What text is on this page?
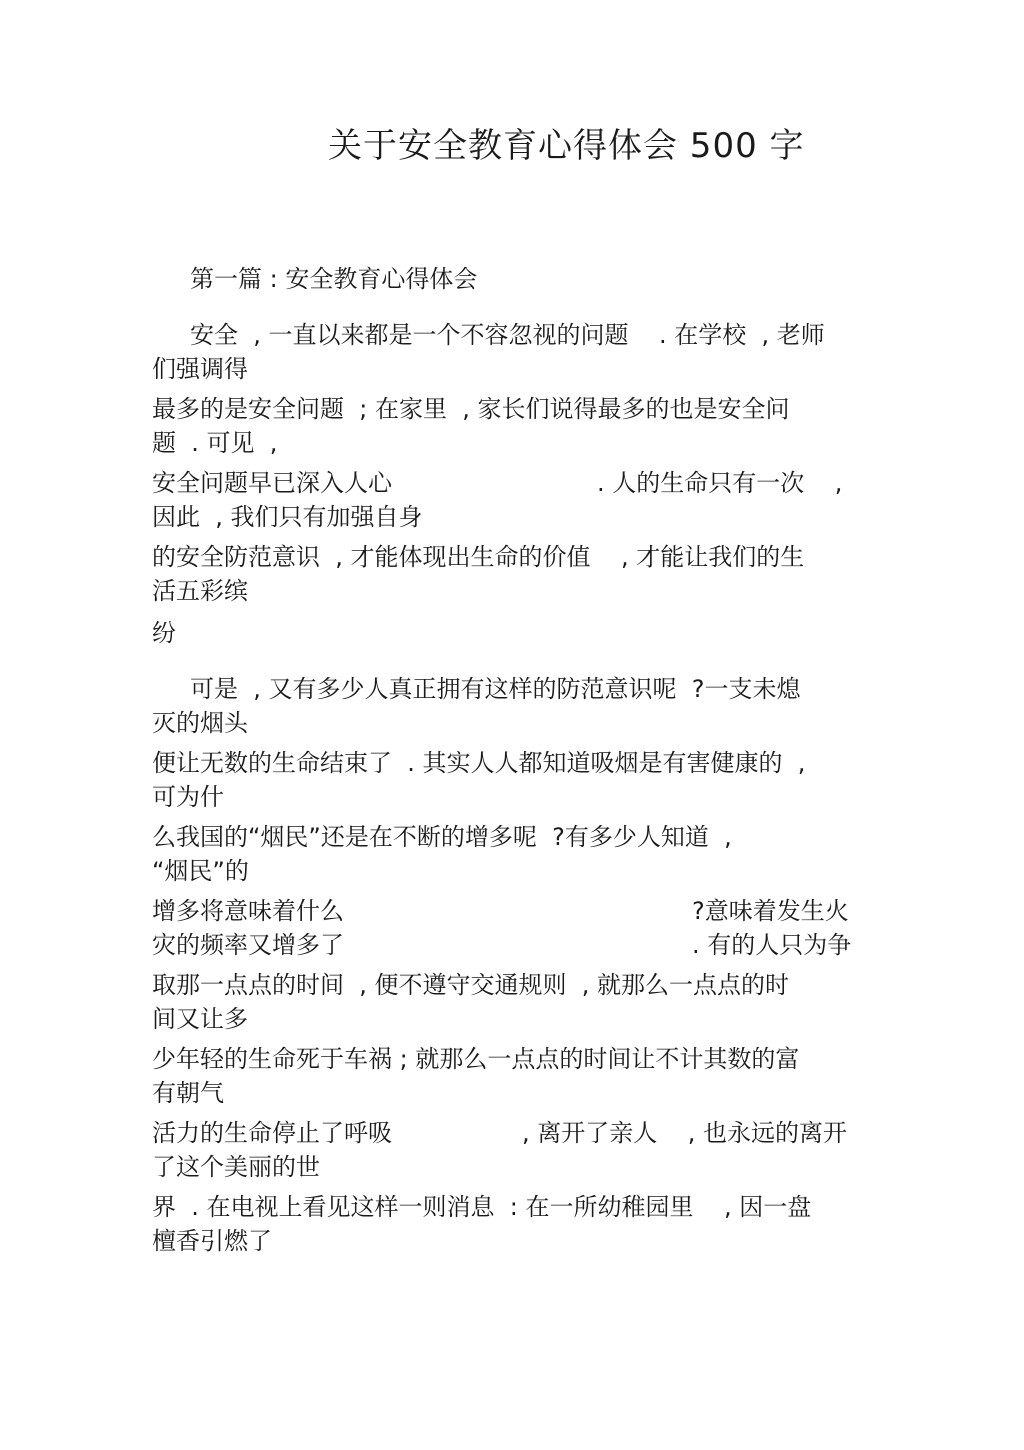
关于安全教育心得体会 500 字
第一篇 : 安全教育心得体会
安全  , 一直以来都是一个不容忽视的问题    . 在学校  , 老师
们强调得
最多的是安全问题  ; 在家里  , 家长们说得最多的也是安全问
题  . 可见  ,
安全问题早已深入人心	. 人的生命只有一次    ,
因此  , 我们只有加强自身
的安全防范意识  , 才能体现出生命的价值    , 才能让我们的生
活五彩缤
纷
可是  , 又有多少人真正拥有这样的防范意识呢  ?一支未熄
灭的烟头
便让无数的生命结束了  . 其实人人都知道吸烟是有害健康的  ,
可为什
么我国的“烟民”还是在不断的增多呢  ?有多少人知道  ,
“烟民”的
增多将意味着什么	?意味着发生火
灾的频率又增多了	. 有的人只为争
取那一点点的时间  , 便不遵守交通规则  , 就那么一点点的时
间又让多
少年轻的生命死于车祸 ; 就那么一点点的时间让不计其数的富
有朝气
活力的生命停止了呼吸	, 离开了亲人    , 也永远的离开
了这个美丽的世
界  . 在电视上看见这样一则消息  : 在一所幼稚园里    , 因一盘
檀香引燃了
